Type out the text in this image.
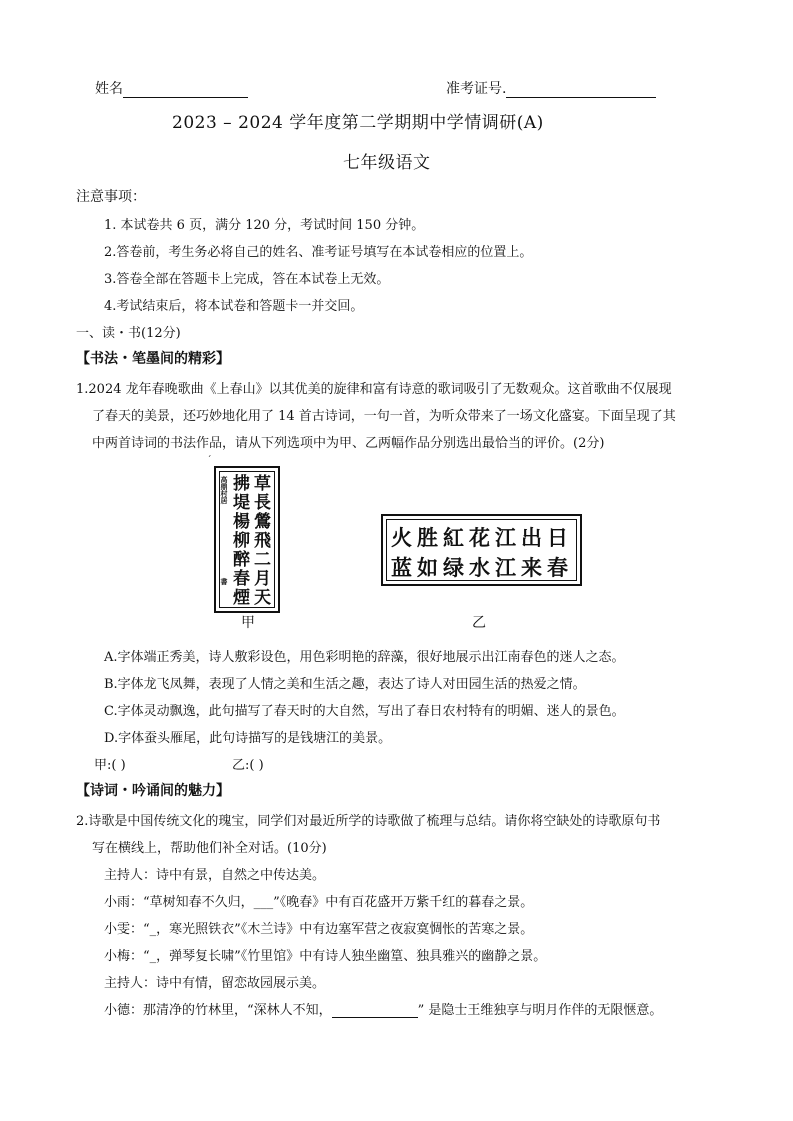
姓名	准考证号.
2023 – 2024 学年度第二学期期中学情调研(A)
七年级语文
注意事项：
1. 本试卷共 6 页，满分 120 分，考试时间 150 分钟。
2.答卷前，考生务必将自己的姓名、准考证号填写在本试卷相应的位置上。
3.答卷全部在答题卡上完成，答在本试卷上无效。
4.考试结束后，将本试卷和答题卡一并交回。
一、读・书(12分)
【书法・笔墨间的精彩】
1.2024 龙年春晚歌曲《上春山》以其优美的旋律和富有诗意的歌词吸引了无数观众。这首歌曲不仅展现
了春天的美景，还巧妙地化用了 14 首古诗词，一句一首，为听众带来了一场文化盛宴。下面呈现了其
中两首诗词的书法作品，请从下列选项中为甲、乙两幅作品分别选出最恰当的评价。(2分)
ˊ
草長鶯飛二月天
拂堤楊柳醉春煙
高鼎村居
書
甲
日出江花紅胜火
春来江水绿如蓝
乙
A.字体端正秀美，诗人敷彩设色，用色彩明艳的辞藻，很好地展示出江南春色的迷人之态。
B.字体龙飞凤舞，表现了人情之美和生活之趣，表达了诗人对田园生活的热爱之情。
C.字体灵动飘逸，此句描写了春天时的大自然，写出了春日农村特有的明媚、迷人的景色。
D.字体蚕头雁尾，此句诗描写的是钱塘江的美景。
甲:( )	乙:( )
【诗词・吟诵间的魅力】
2.诗歌是中国传统文化的瑰宝，同学们对最近所学的诗歌做了梳理与总结。请你将空缺处的诗歌原句书
写在横线上，帮助他们补全对话。(10分)
主持人：诗中有景，自然之中传达美。
小雨：“草树知春不久归，___”《晚春》中有百花盛开万紫千红的暮春之景。
小雯：“_，寒光照铁衣”《木兰诗》中有边塞军营之夜寂寞惆怅的苦寒之景。
小梅：“_，弹琴复长啸”《竹里馆》中有诗人独坐幽篁、独具雅兴的幽静之景。
主持人：诗中有情，留恋故园展示美。
小德：那清净的竹林里，“深林人不知，	” 是隐士王维独享与明月作伴的无限惬意。
